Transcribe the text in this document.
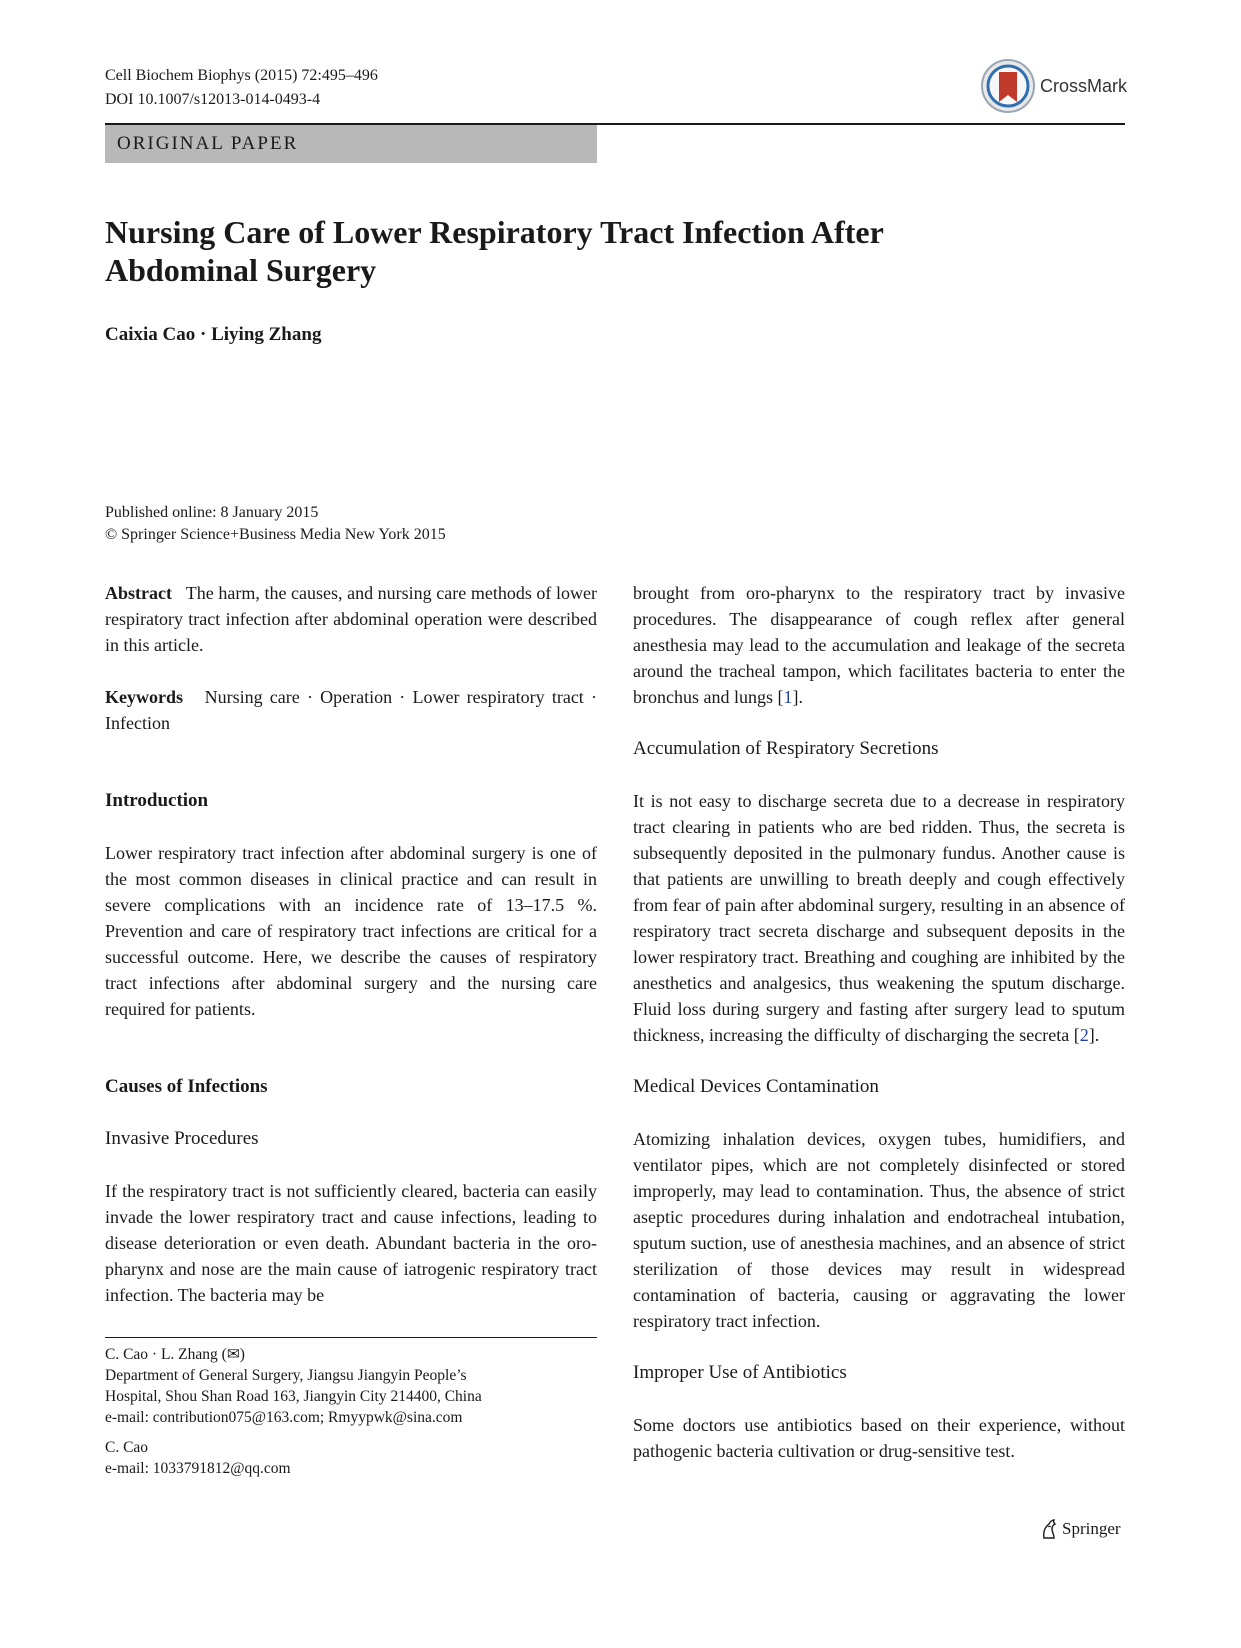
Cell Biochem Biophys (2015) 72:495–496
DOI 10.1007/s12013-014-0493-4
CrossMark
ORIGINAL PAPER
Nursing Care of Lower Respiratory Tract Infection After Abdominal Surgery
Caixia Cao · Liying Zhang
Published online: 8 January 2015
© Springer Science+Business Media New York 2015

Abstract The harm, the causes, and nursing care methods of lower respiratory tract infection after abdominal operation were described in this article.

Keywords Nursing care · Operation · Lower respiratory tract · Infection

Introduction

Lower respiratory tract infection after abdominal surgery is one of the most common diseases in clinical practice and can result in severe complications with an incidence rate of 13–17.5 %. Prevention and care of respiratory tract infections are critical for a successful outcome. Here, we describe the causes of respiratory tract infections after abdominal surgery and the nursing care required for patients.

Causes of Infections
Invasive Procedures

If the respiratory tract is not sufficiently cleared, bacteria can easily invade the lower respiratory tract and cause infections, leading to disease deterioration or even death. Abundant bacteria in the oro-pharynx and nose are the main cause of iatrogenic respiratory tract infection. The bacteria may be

brought from oro-pharynx to the respiratory tract by invasive procedures. The disappearance of cough reflex after general anesthesia may lead to the accumulation and leakage of the secreta around the tracheal tampon, which facilitates bacteria to enter the bronchus and lungs [1].

Accumulation of Respiratory Secretions

It is not easy to discharge secreta due to a decrease in respiratory tract clearing in patients who are bed ridden. Thus, the secreta is subsequently deposited in the pulmonary fundus. Another cause is that patients are unwilling to breath deeply and cough effectively from fear of pain after abdominal surgery, resulting in an absence of respiratory tract secreta discharge and subsequent deposits in the lower respiratory tract. Breathing and coughing are inhibited by the anesthetics and analgesics, thus weakening the sputum discharge. Fluid loss during surgery and fasting after surgery lead to sputum thickness, increasing the difficulty of discharging the secreta [2].

Medical Devices Contamination

Atomizing inhalation devices, oxygen tubes, humidifiers, and ventilator pipes, which are not completely disinfected or stored improperly, may lead to contamination. Thus, the absence of strict aseptic procedures during inhalation and endotracheal intubation, sputum suction, use of anesthesia machines, and an absence of strict sterilization of those devices may result in widespread contamination of bacteria, causing or aggravating the lower respiratory tract infection.

Improper Use of Antibiotics

Some doctors use antibiotics based on their experience, without pathogenic bacteria cultivation or drug-sensitive test.

C. Cao · L. Zhang (✉)

Department of General Surgery, Jiangsu Jiangyin People’s

Hospital, Shou Shan Road 163, Jiangyin City 214400, China

e-mail: contribution075@163.com; Rmyypwk@sina.com

C. Cao

e-mail: 1033791812@qq.com

Springer
